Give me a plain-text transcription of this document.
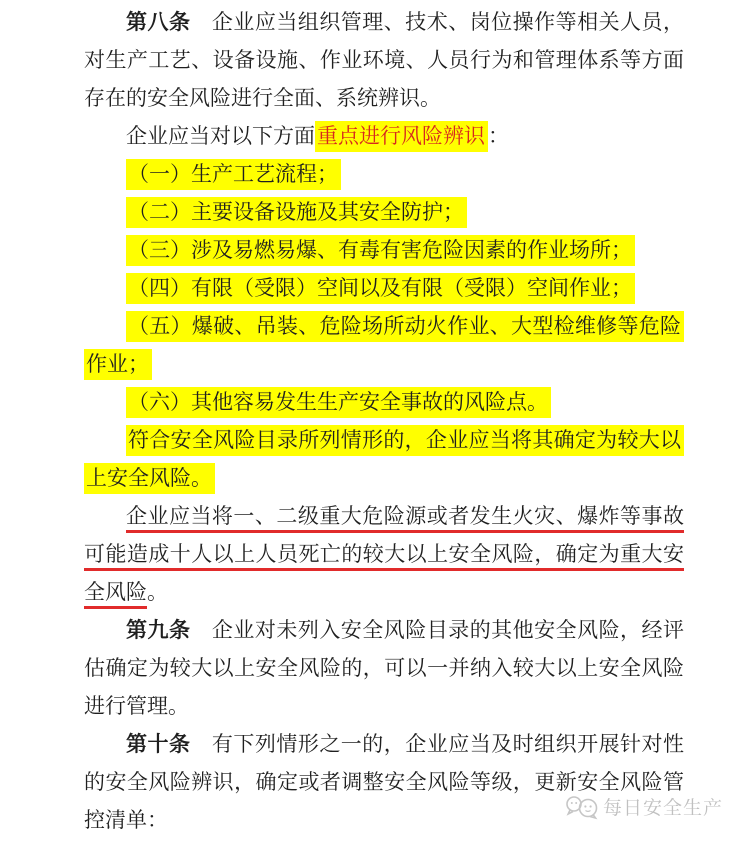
第八条　企业应当组织管理、技术、岗位操作等相关人员，
对生产工艺、设备设施、作业环境、人员行为和管理体系等方面
存在的安全风险进行全面、系统辨识。
企业应当对以下方面重点进行风险辨识 ：
（一）生产工艺流程；
（二）主要设备设施及其安全防护；
（三）涉及易燃易爆、有毒有害危险因素的作业场所；
（四）有限（受限）空间以及有限（受限）空间作业；
（五）爆破、吊装、危险场所动火作业、大型检维修等危险
作业；
（六）其他容易发生生产安全事故的风险点。
符合安全风险目录所列情形的，企业应当将其确定为较大以
上安全风险。
企业应当将一、二级重大危险源或者发生火灾、爆炸等事故
可能造成十人以上人员死亡的较大以上安全风险，确定为重大安
全风险。
第九条　企业对未列入安全风险目录的其他安全风险，经评
估确定为较大以上安全风险的，可以一并纳入较大以上安全风险
进行管理。
第十条　有下列情形之一的，企业应当及时组织开展针对性
的安全风险辨识，确定或者调整安全风险等级，更新安全风险管
控清单：	每日安全生产
